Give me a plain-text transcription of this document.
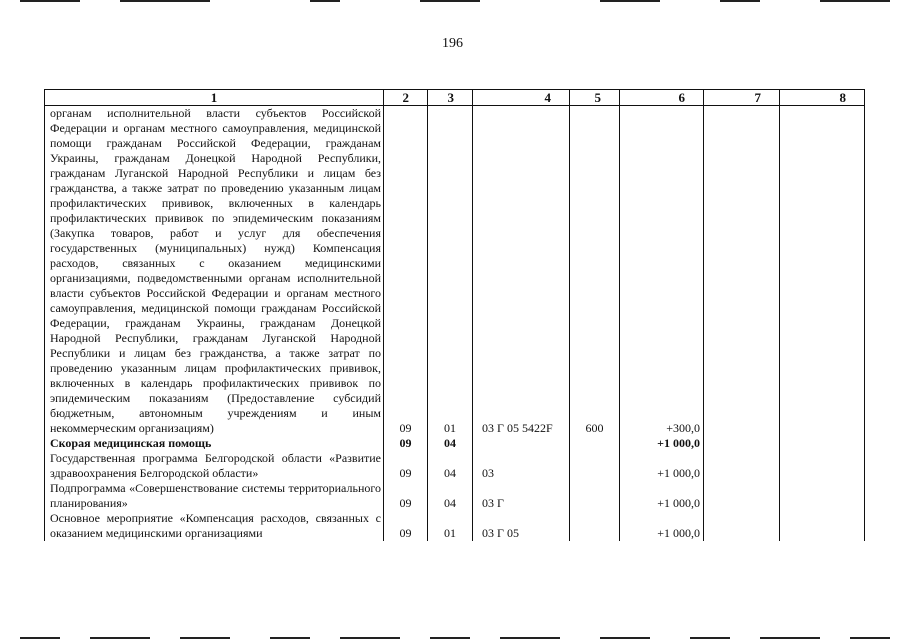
196
1	2	3	4	5	6	7	8
органам исполнительной власти субъектов Российской Федерации и органам местного самоуправления, медицинской помощи гражданам Российской Федерации, гражданам Украины, гражданам Донецкой Народной Республики, гражданам Луганской Народной Республики и лицам без гражданства, а также затрат по проведению указанным лицам профилактических прививок, включенных в календарь профилактических прививок по эпидемическим показаниям (Закупка товаров, работ и услуг для обеспечения государственных (муниципальных) нужд) Компенсация расходов, связанных с оказанием медицинскими организациями, подведомственными органам исполнительной власти субъектов Российской Федерации и органам местного самоуправления, медицинской помощи гражданам Российской Федерации, гражданам Украины, гражданам Донецкой Народной Республики, гражданам Луганской Народной Республики и лицам без гражданства, а также затрат по проведению указанным лицам профилактических прививок, включенных в календарь профилактических прививок по эпидемическим показаниям (Предоставление субсидий бюджетным, автономным учреждениям и иным некоммерческим организациям)	09	01	03 Г 05 5422F	600	+300,0		
Скорая медицинская помощь	09	04			+1 000,0		
Государственная программа Белгородской области «Развитие здравоохранения Белгородской области»	09	04	03		+1 000,0		
Подпрограмма «Совершенствование системы территориального планирования»	09	04	03 Г		+1 000,0		
Основное мероприятие «Компенсация расходов, связанных с оказанием медицинскими организациями	09	01	03 Г 05		+1 000,0		
